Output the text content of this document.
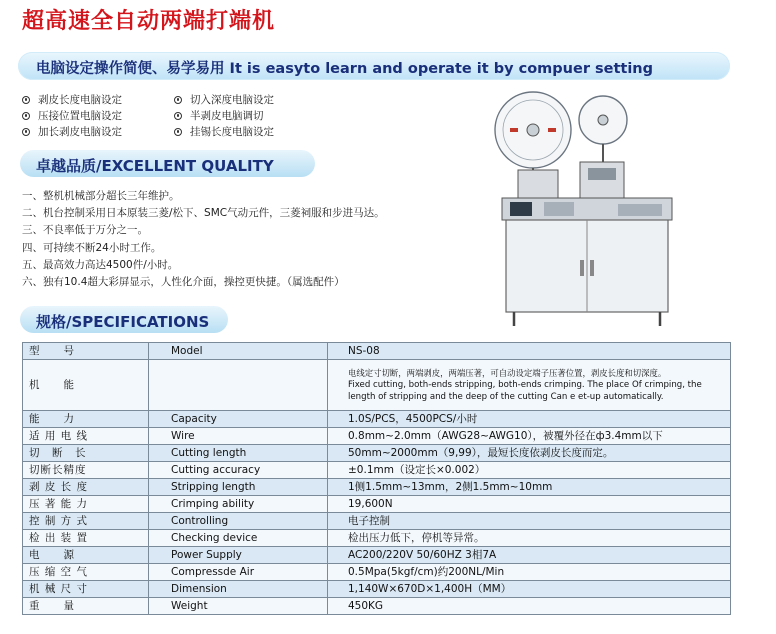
超高速全自动两端打端机
电脑设定操作简便、易学易用 It is easyto learn and operate it by compuer setting
剥皮长度电脑设定
压接位置电脑设定
加长剥皮电脑设定
切入深度电脑设定
半剥皮电脑调切
挂锡长度电脑设定
卓越品质/EXCELLENT QUALITY
一、整机机械部分超长三年维护。
二、机台控制采用日本原装三菱/松下、SMC气动元件，三菱祠服和步进马达。
三、不良率低于万分之一。
四、可持续不断24小时工作。
五、最高效力高达4500件/小时。
六、独有10.4超大彩屏显示，人性化介面，操控更快捷。（属选配件）
规格/SPECIFICATIONS
型　　号	Model	NS-08
机　　能		电线定寸切断，两端剥皮，两端压著，可自动设定端子压著位置，剥皮长度和切深度。
Fixed cutting, both-ends stripping, both-ends crimping. The place Of crimping, the length of stripping and the deep of the cutting Can e et-up automatically.

能　　力	Capacity	1.0S/PCS，4500PCS/小时
适 用 电 线	Wire	0.8mm~2.0mm（AWG28~AWG10），被覆外径在ф3.4mm以下
切　断　长	Cutting length	50mm~2000mm（9,99），最短长度依剥皮长度而定。
切断长精度	Cutting accuracy	±0.1mm（设定长×0.002）
剥 皮 长 度	Stripping length	1侧1.5mm~13mm，2侧1.5mm~10mm
压 著 能 力	Crimping ability	19,600N
控 制 方 式	Controlling	电子控制
检 出 装 置	Checking device	检出压力低下，停机等异常。
电　　源	Power Supply	AC200/220V 50/60HZ 3相7A
压 缩 空 气	Compressde Air	0.5Mpa(5kgf/cm)约200NL/Min
机 械 尺 寸	Dimension	1,140W×670D×1,400H（MM）
重　　量	Weight	450KG
